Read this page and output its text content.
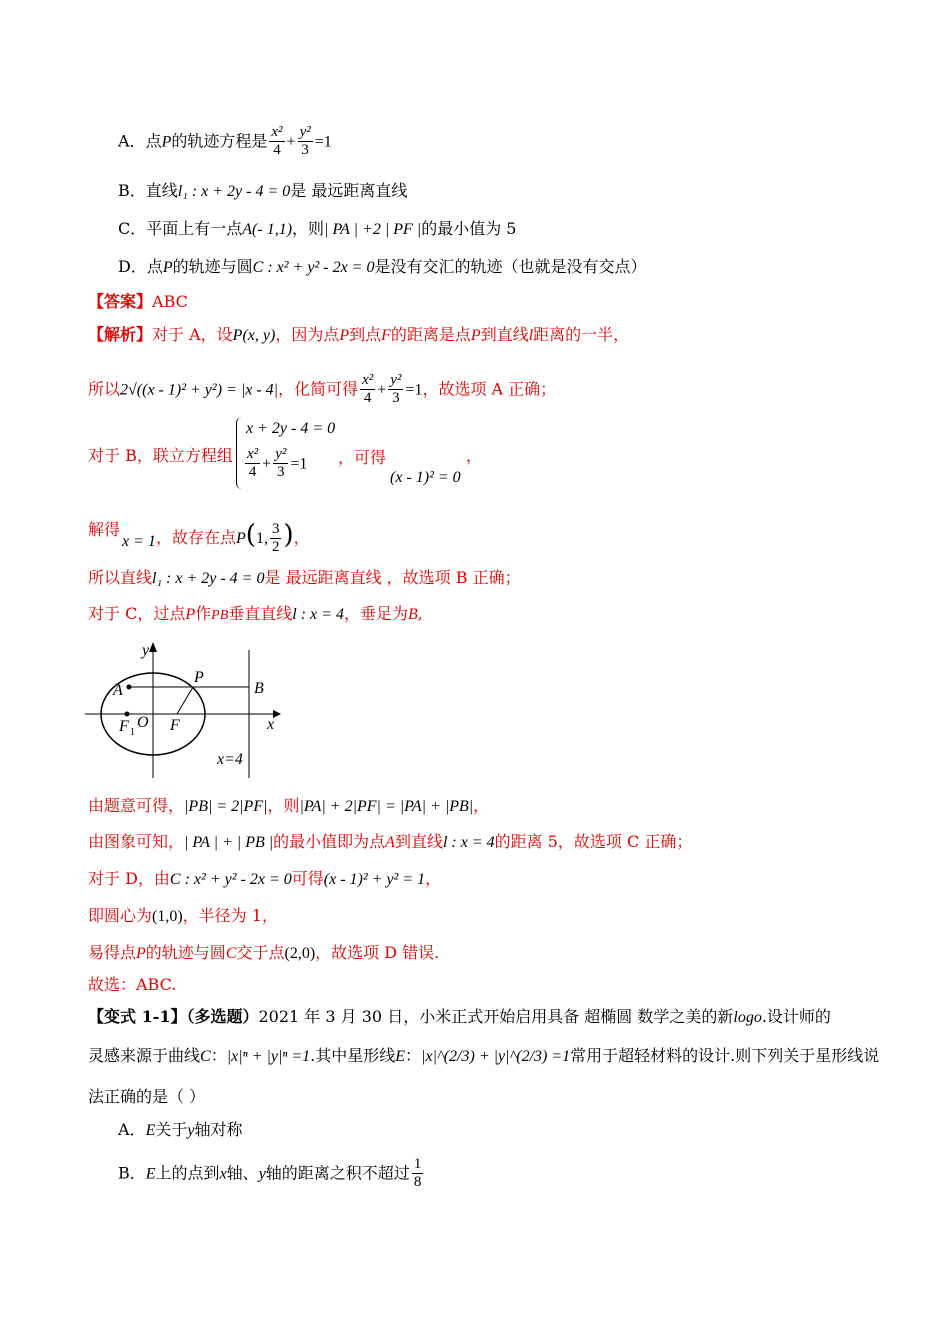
A．点P的轨迹方程是 $\frac{\text{x²}}{4} + \frac{\text{y²}}{3} =1$
B．直线l₁ : x + 2y - 4 = 0是 最远距离直线
C．平面上有一点A(- 1,1)，则| PA | +2 | PF |的最小值为 5
D．点P的轨迹与圆C : x² + y² - 2x = 0是没有交汇的轨迹（也就是没有交点）
【答案】ABC
【解析】对于 A，设P(x, y)，因为点P到点F的距离是点P到直线l距离的一半，
所以2√((x - 1)² + y²) = |x - 4|，化简可得 $\frac{\text{x²}}{4} + \frac{\text{y²}}{3} =1$，故选项 A 正确；
对于 B，联立方程组
x + 2y - 4 = 0
$\frac{\text{x²}}{4} + \frac{\text{y²}}{3} =1$ ，可得
(x - 1)² = 0
，
解得
x = 1 ，故存在点P(1, $\frac{3}{2}$ )，
所以直线l₁ : x + 2y - 4 = 0是 最远距离直线 ，故选项 B 正确；
对于 C，过点P作PB垂直直线l : x = 4，垂足为B,
y
x
P
A	B
F 1
O F
x=4
由题意可得，|PB| = 2|PF|，则|PA| + 2|PF| = |PA| + |PB|，
由图象可知，| PA | + | PB |的最小值即为点A到直线l : x = 4的距离 5，故选项 C 正确；
对于 D，由C : x² + y² - 2x = 0可得(x - 1)² + y² = 1，
即圆心为(1,0)，半径为 1，
易得点P的轨迹与圆C交于点(2,0)，故选项 D 错误.
故选：ABC.
【变式 1-1】（多选题）2021 年 3 月 30 日，小米正式开始启用具备 超椭圆 数学之美的新logo.设计师的
灵感来源于曲线C：|x|ⁿ + |y|ⁿ =1.其中星形线E：|x|^(2/3) + |y|^(2/3) =1常用于超轻材料的设计.则下列关于星形线说
法正确的是（ ）
A．E关于y轴对称
B．E上的点到x轴、y轴的距离之积不超过 $\frac{1}{8}$
